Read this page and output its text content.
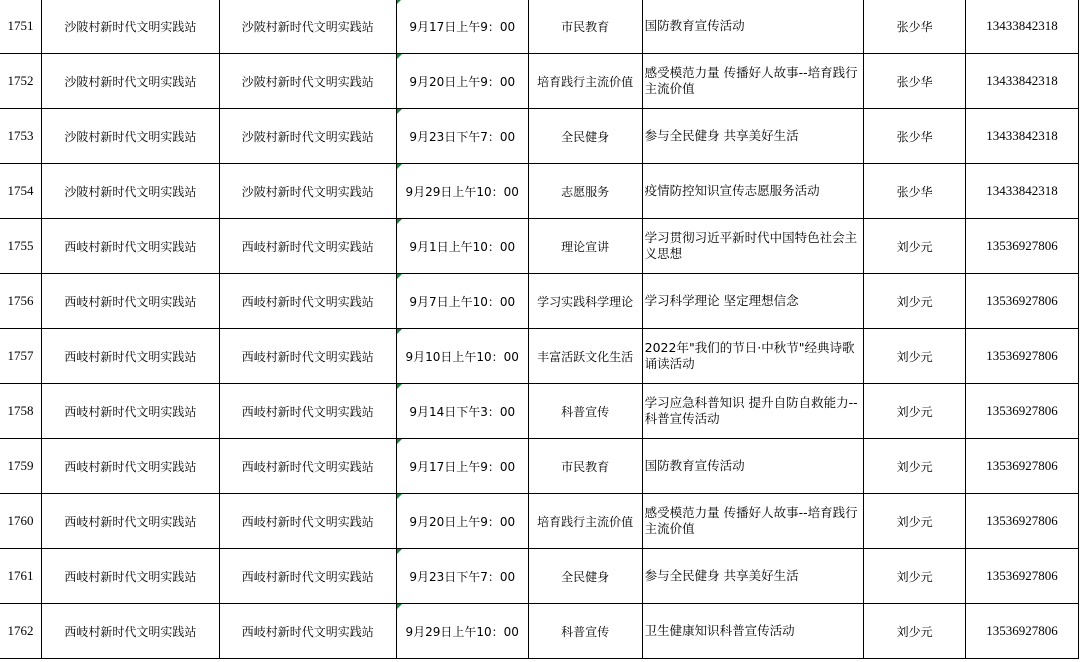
1751	沙陂村新时代文明实践站	沙陂村新时代文明实践站	9月17日上午9：00	市民教育	国防教育宣传活动	张少华	13433842318
1752	沙陂村新时代文明实践站	沙陂村新时代文明实践站	9月20日上午9：00	培育践行主流价值	感受模范力量 传播好人故事--培育践行主流价值	张少华	13433842318
1753	沙陂村新时代文明实践站	沙陂村新时代文明实践站	9月23日下午7：00	全民健身	参与全民健身 共享美好生活	张少华	13433842318
1754	沙陂村新时代文明实践站	沙陂村新时代文明实践站	9月29日上午10：00	志愿服务	疫情防控知识宣传志愿服务活动	张少华	13433842318
1755	西岐村新时代文明实践站	西岐村新时代文明实践站	9月1日上午10：00	理论宣讲	学习贯彻习近平新时代中国特色社会主义思想	刘少元	13536927806
1756	西岐村新时代文明实践站	西岐村新时代文明实践站	9月7日上午10：00	学习实践科学理论	学习科学理论 坚定理想信念	刘少元	13536927806
1757	西岐村新时代文明实践站	西岐村新时代文明实践站	9月10日上午10：00	丰富活跃文化生活	2022年"我们的节日·中秋节"经典诗歌诵读活动	刘少元	13536927806
1758	西岐村新时代文明实践站	西岐村新时代文明实践站	9月14日下午3：00	科普宣传	学习应急科普知识 提升自防自救能力--科普宣传活动	刘少元	13536927806
1759	西岐村新时代文明实践站	西岐村新时代文明实践站	9月17日上午9：00	市民教育	国防教育宣传活动	刘少元	13536927806
1760	西岐村新时代文明实践站	西岐村新时代文明实践站	9月20日上午9：00	培育践行主流价值	感受模范力量 传播好人故事--培育践行主流价值	刘少元	13536927806
1761	西岐村新时代文明实践站	西岐村新时代文明实践站	9月23日下午7：00	全民健身	参与全民健身 共享美好生活	刘少元	13536927806
1762	西岐村新时代文明实践站	西岐村新时代文明实践站	9月29日上午10：00	科普宣传	卫生健康知识科普宣传活动	刘少元	13536927806
